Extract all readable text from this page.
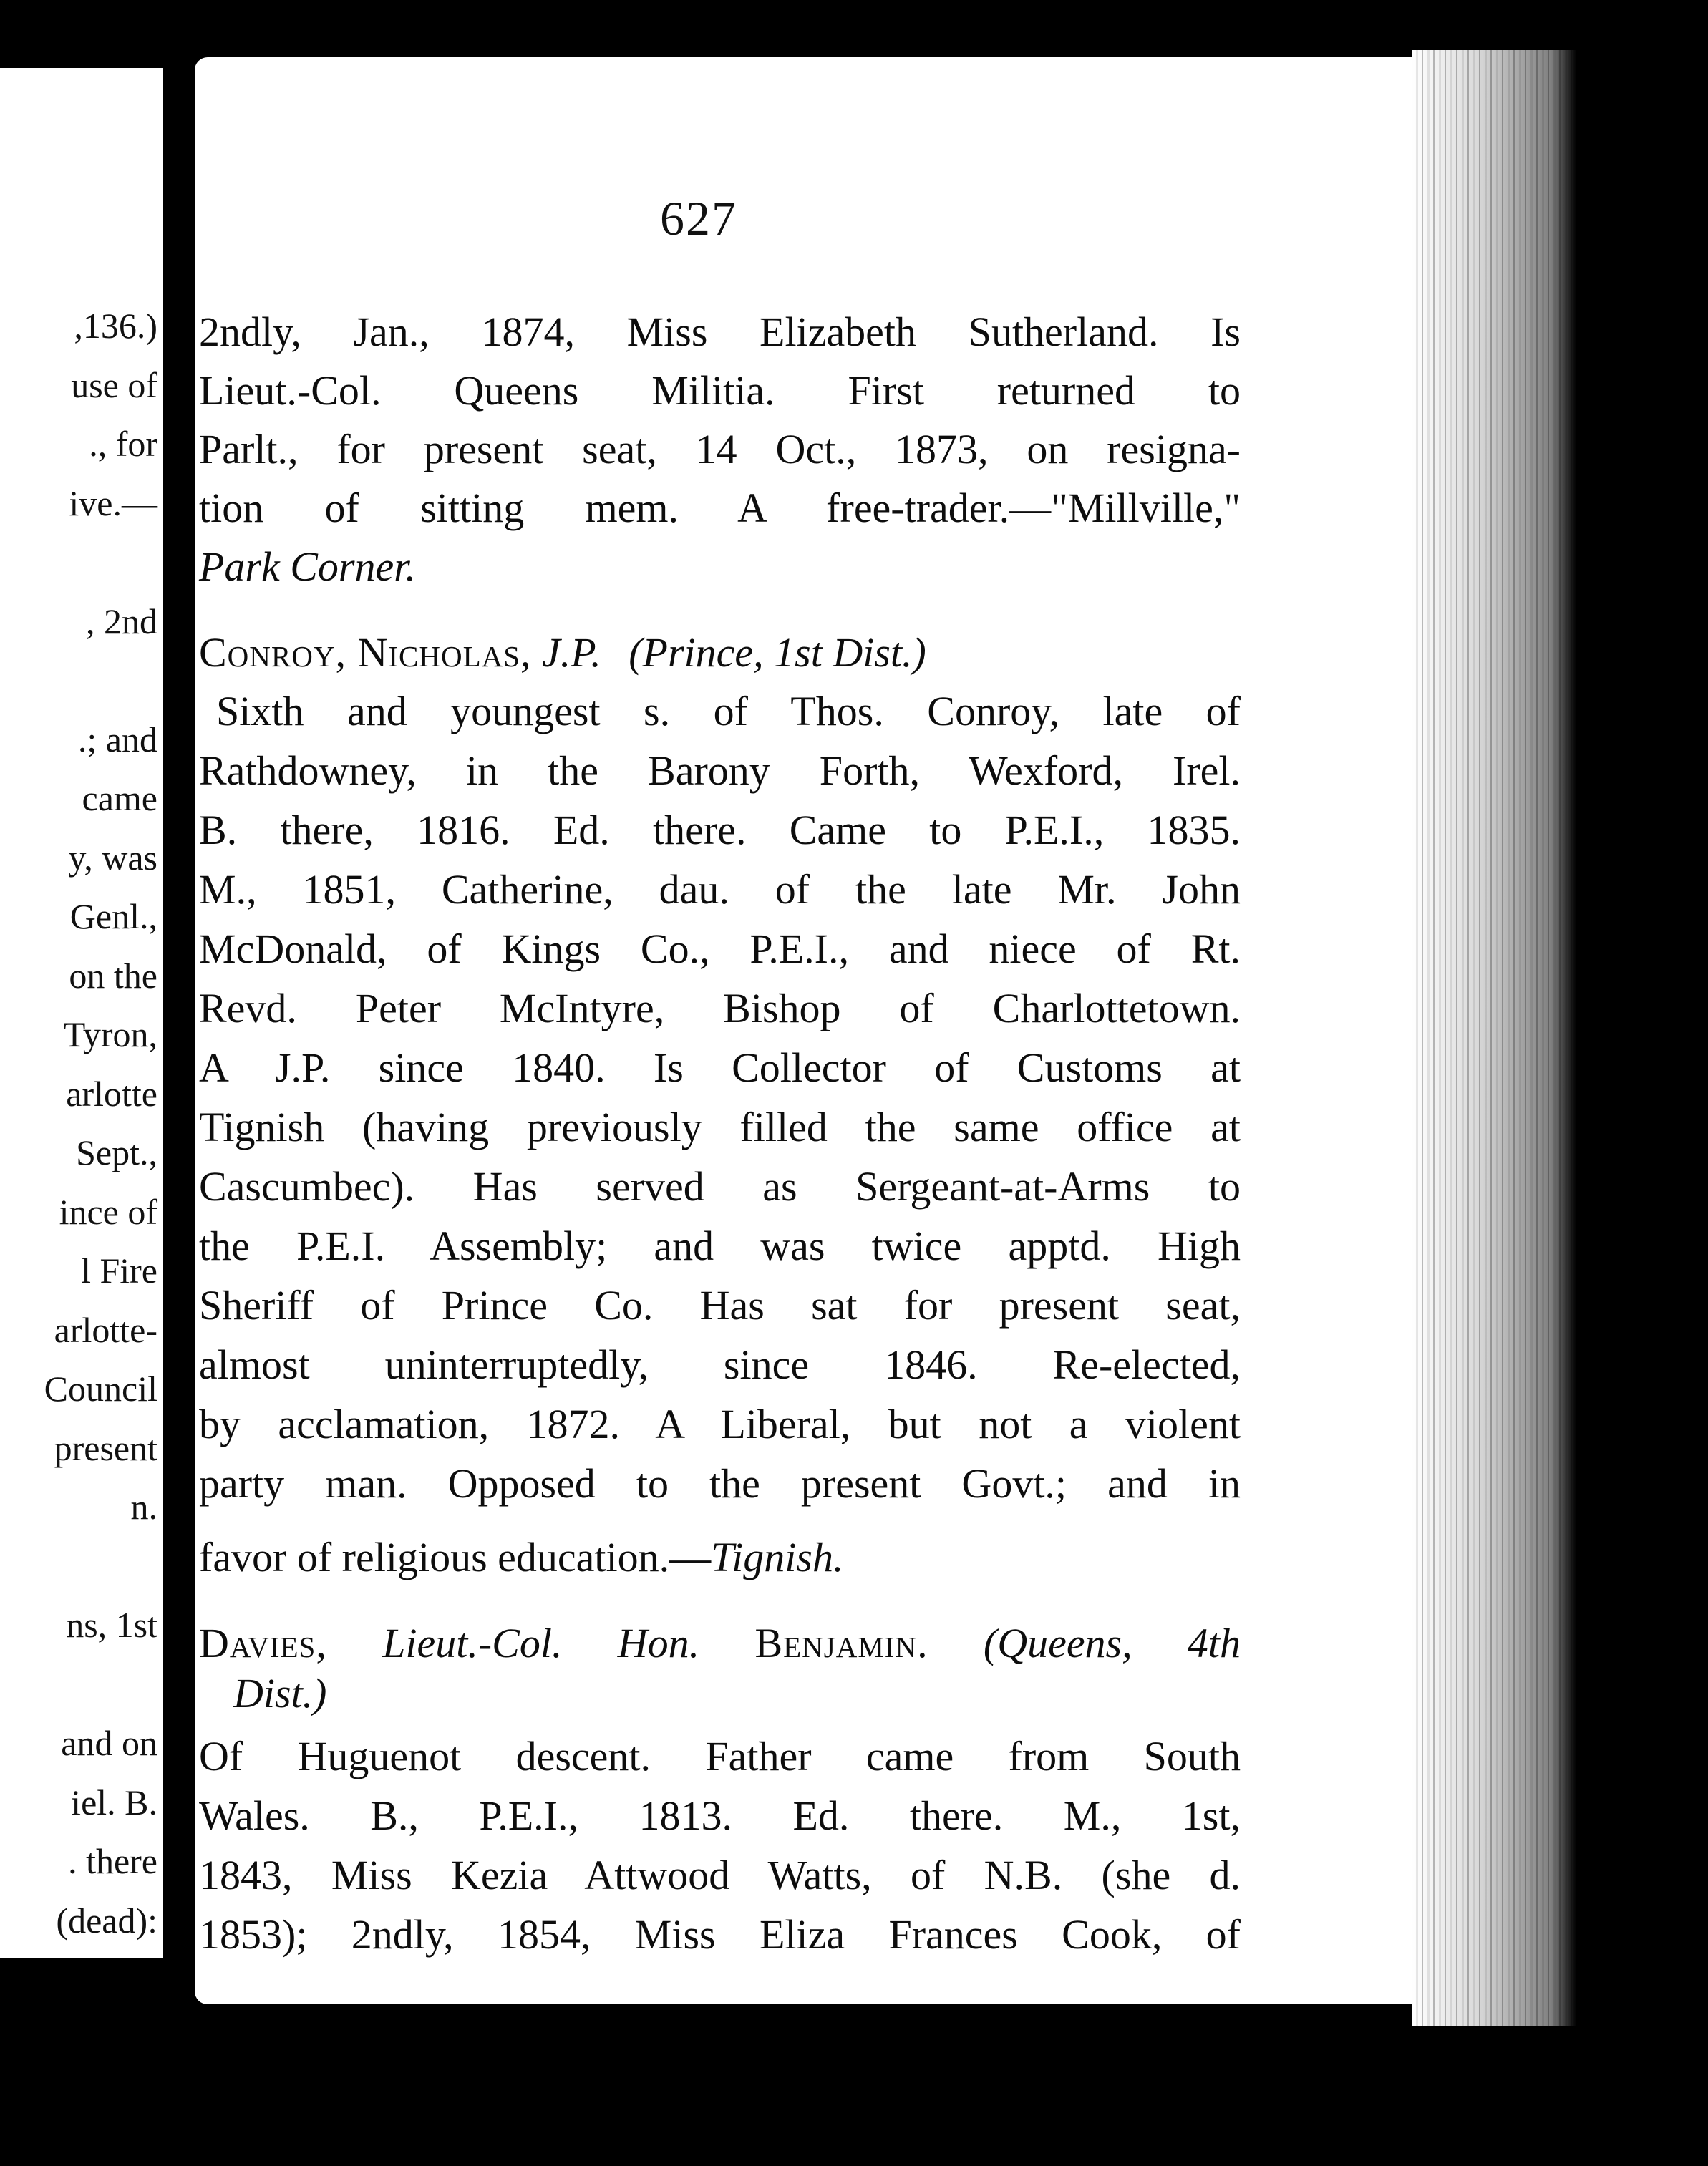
,136.)
use of
., for
ive.—
, 2nd
.; and
came
y, was
Genl.,
on the
Tyron,
arlotte
Sept.,
ince of
l Fire
arlotte-
Council
present
n.
ns, 1st
and on
iel. B.
. there
(dead):
627
2ndly, Jan., 1874, Miss Elizabeth Sutherland. Is
Lieut.-Col. Queens Militia. First returned to
Parlt., for present seat, 14 Oct., 1873, on resigna-
tion of sitting mem. A free-trader.—"Millville,"
Park Corner.
Conroy, Nicholas, J.P. (Prince, 1st Dist.)
Sixth and youngest s. of Thos. Conroy, late of
Rathdowney, in the Barony Forth, Wexford, Irel.
B. there, 1816. Ed. there. Came to P.E.I., 1835.
M., 1851, Catherine, dau. of the late Mr. John
McDonald, of Kings Co., P.E.I., and niece of Rt.
Revd. Peter McIntyre, Bishop of Charlottetown.
A J.P. since 1840. Is Collector of Customs at
Tignish (having previously filled the same office at
Cascumbec). Has served as Sergeant-at-Arms to
the P.E.I. Assembly; and was twice apptd. High
Sheriff of Prince Co. Has sat for present seat,
almost uninterruptedly, since 1846. Re-elected,
by acclamation, 1872. A Liberal, but not a violent
party man. Opposed to the present Govt.; and in
favor of religious education.—Tignish.
Davies, Lieut.-Col. Hon. Benjamin. (Queens, 4th
Dist.)
Of Huguenot descent. Father came from South
Wales. B., P.E.I., 1813. Ed. there. M., 1st,
1843, Miss Kezia Attwood Watts, of N.B. (she d.
1853); 2ndly, 1854, Miss Eliza Frances Cook, of
